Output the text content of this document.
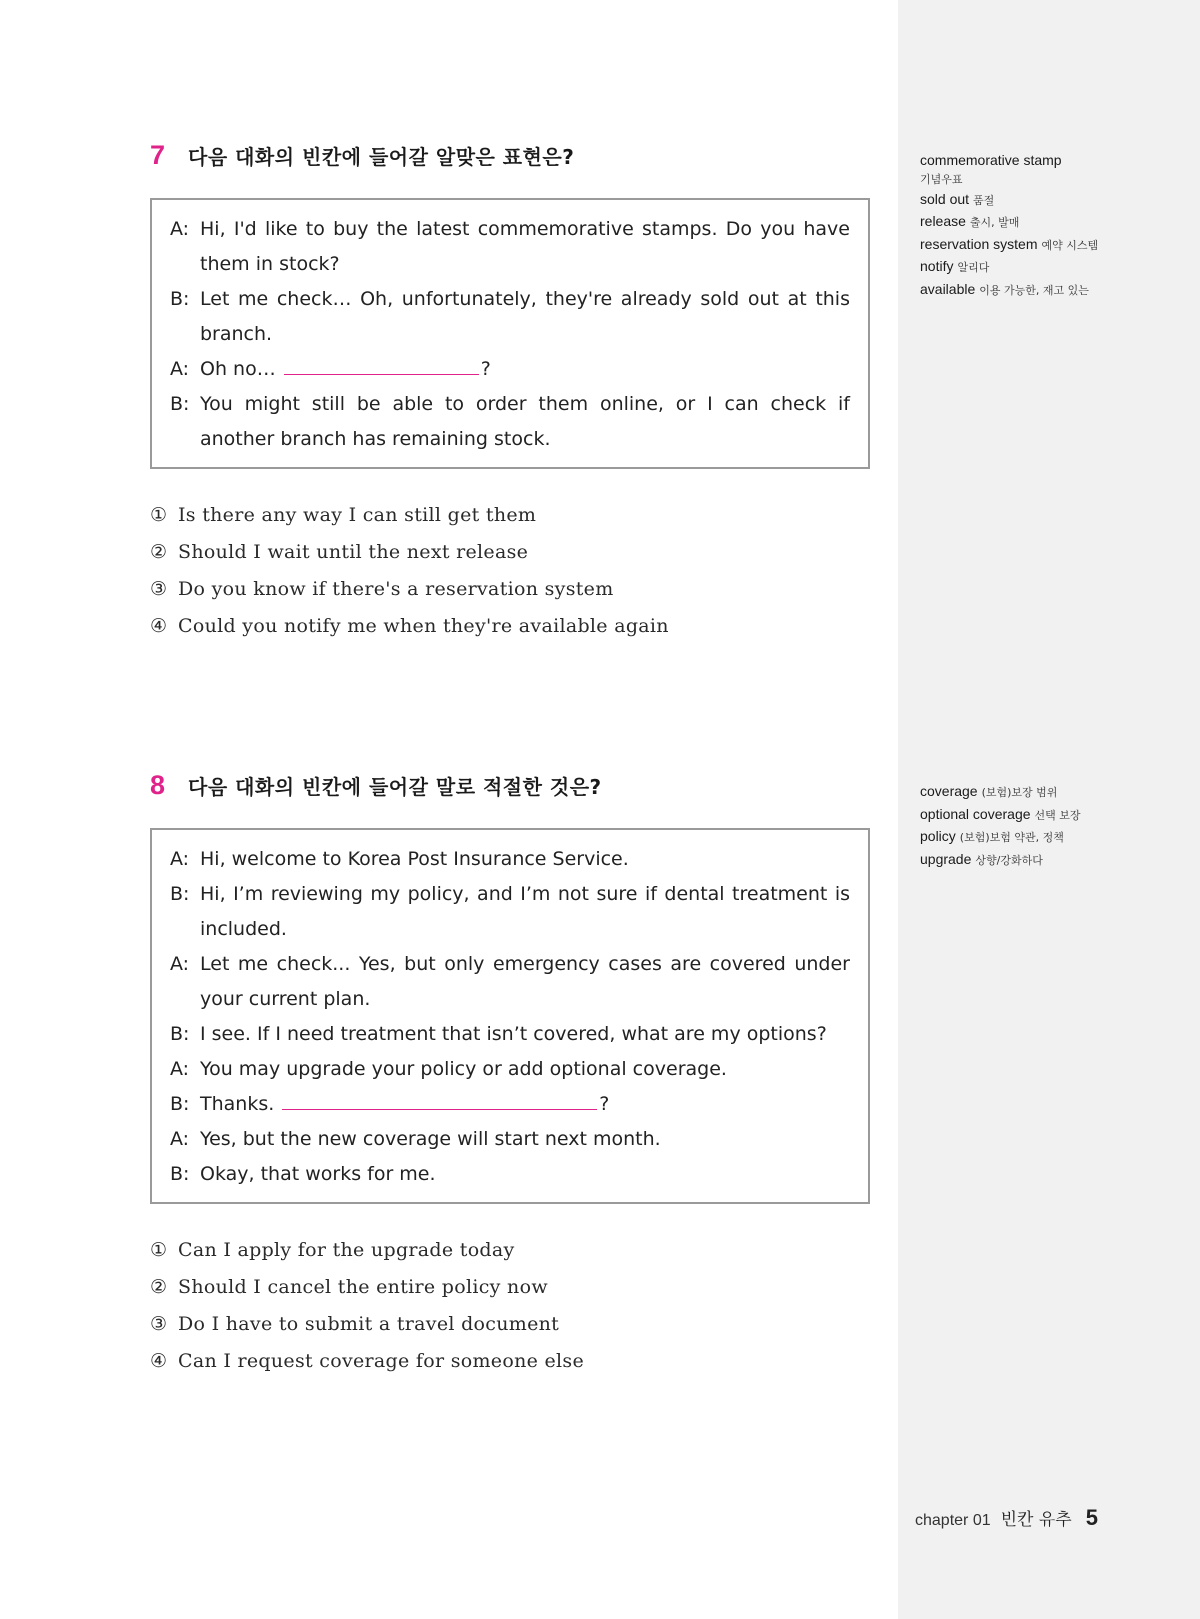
7	다음 대화의 빈칸에 들어갈 알맞은 표현은?
A: Hi, I'd like to buy the latest commemorative stamps. Do you have them in stock?
B: Let me check… Oh, unfortunately, they're already sold out at this branch.
A: Oh no…	?
B: You might still be able to order them online, or I can check if another branch has remaining stock.
① Is there any way I can still get them
② Should I wait until the next release
③ Do you know if there's a reservation system
④ Could you notify me when they're available again
8	다음 대화의 빈칸에 들어갈 말로 적절한 것은?
A: Hi, welcome to Korea Post Insurance Service.
B: Hi, I’m reviewing my policy, and I’m not sure if dental treatment is included.
A: Let me check... Yes, but only emergency cases are covered under your current plan.
B: I see. If I need treatment that isn’t covered, what are my options?
A: You may upgrade your policy or add optional coverage.
B: Thanks.	?
A: Yes, but the new coverage will start next month.
B: Okay, that works for me.
① Can I apply for the upgrade today
② Should I cancel the entire policy now
③ Do I have to submit a travel document
④ Can I request coverage for someone else
commemorative stamp
기념우표
sold out 품절
release 출시, 발매
reservation system 예약 시스템
notify 알리다
available 이용 가능한, 재고 있는
coverage (보험)보장 범위
optional coverage 선택 보장
policy (보험)보험 약관, 정책
upgrade 상향/강화하다
chapter 01 빈칸 유추 5
